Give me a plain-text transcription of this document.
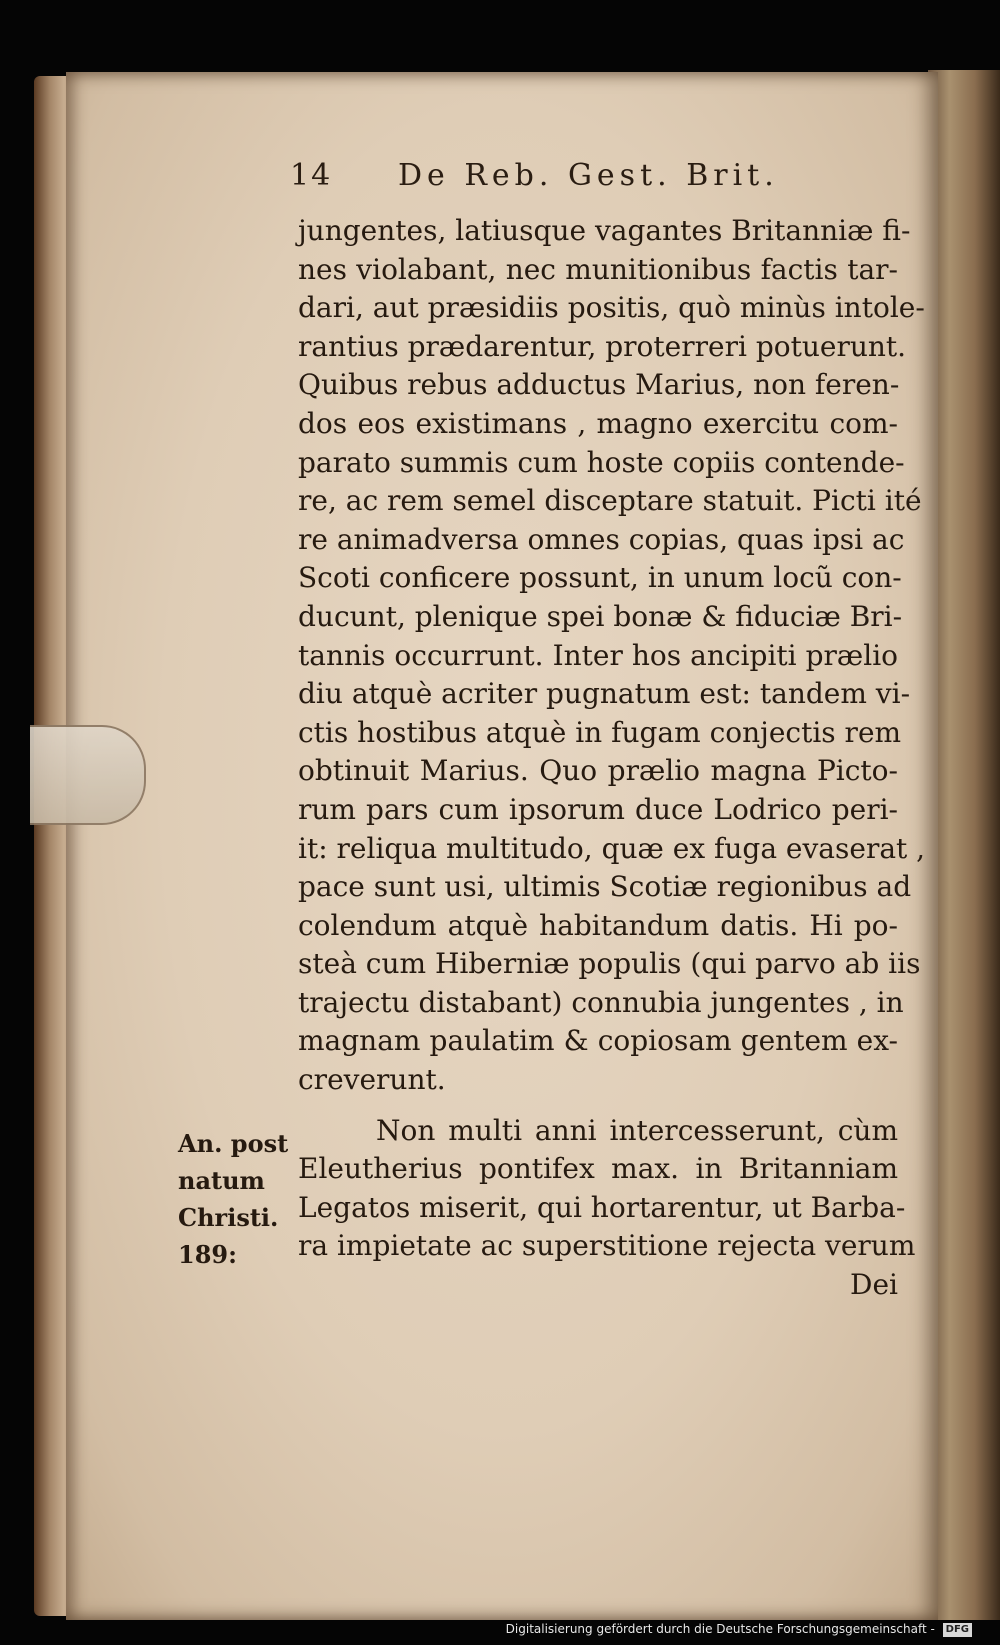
14 De Reb. Gest. Brit.
jungentes, latiusque vagantes Britanniæ fi-
nes violabant, nec munitionibus factis tar-
dari, aut præsidiis positis, quò minùs intole-
rantius prædarentur, proterreri potuerunt.
Quibus rebus adductus Marius, non feren-
dos eos existimans , magno exercitu com-
parato summis cum hoste copiis contende-
re, ac rem semel disceptare statuit. Picti ité
re animadversa omnes copias, quas ipsi ac
Scoti conficere possunt, in unum locũ con-
ducunt, plenique spei bonæ & fiduciæ Bri-
tannis occurrunt. Inter hos ancipiti prælio
diu atquè acriter pugnatum est: tandem vi-
ctis hostibus atquè in fugam conjectis rem
obtinuit Marius. Quo prælio magna Picto-
rum pars cum ipsorum duce Lodrico peri-
it: reliqua multitudo, quæ ex fuga evaserat ,
pace sunt usi, ultimis Scotiæ regionibus ad
colendum atquè habitandum datis. Hi po-
steà cum Hiberniæ populis (qui parvo ab iis
trajectu distabant) connubia jungentes , in
magnam paulatim & copiosam gentem ex-
creverunt.
Non multi anni intercesserunt, cùm
Eleutherius pontifex max. in Britanniam
Legatos miserit, qui hortarentur, ut Barba-
ra impietate ac superstitione rejecta verum
Dei
An. post
natum
Christi.
189:
Digitalisierung gefördert durch die Deutsche Forschungsgemeinschaft - DFG
